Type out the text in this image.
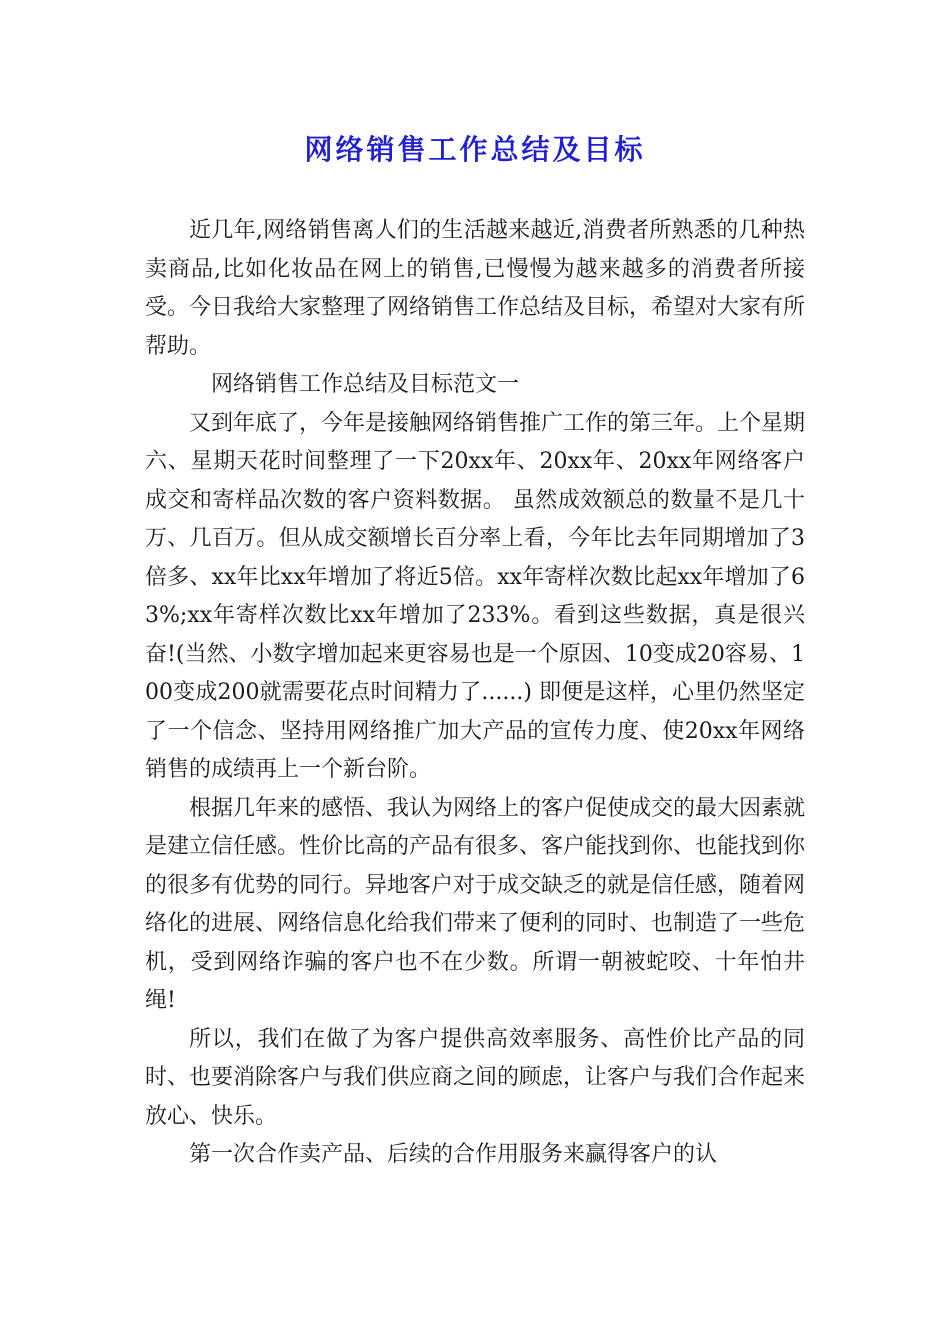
网络销售工作总结及目标

近几年,网络销售离人们的生活越来越近,消费者所熟悉的几种热卖商品,比如化妆品在网上的销售,已慢慢为越来越多的消费者所接受。今日我给大家整理了网络销售工作总结及目标，希望对大家有所帮助。

网络销售工作总结及目标范文一

又到年底了，今年是接触网络销售推广工作的第三年。上个星期六、星期天花时间整理了一下20xx年、20xx年、20xx年网络客户成交和寄样品次数的客户资料数据。 虽然成效额总的数量不是几十万、几百万。但从成交额增长百分率上看，今年比去年同期增加了3倍多、xx年比xx年增加了将近5倍。xx年寄样次数比起xx年增加了63%;xx年寄样次数比xx年增加了233%。看到这些数据，真是很兴奋!(当然、小数字增加起来更容易也是一个原因、10变成20容易、100变成200就需要花点时间精力了......) 即便是这样，心里仍然坚定了一个信念、坚持用网络推广加大产品的宣传力度、使20xx年网络销售的成绩再上一个新台阶。

根据几年来的感悟、我认为网络上的客户促使成交的最大因素就是建立信任感。性价比高的产品有很多、客户能找到你、也能找到你的很多有优势的同行。异地客户对于成交缺乏的就是信任感，随着网络化的进展、网络信息化给我们带来了便利的同时、也制造了一些危机，受到网络诈骗的客户也不在少数。所谓一朝被蛇咬、十年怕井绳!

所以，我们在做了为客户提供高效率服务、高性价比产品的同时、也要消除客户与我们供应商之间的顾虑，让客户与我们合作起来放心、快乐。

第一次合作卖产品、后续的合作用服务来赢得客户的认
